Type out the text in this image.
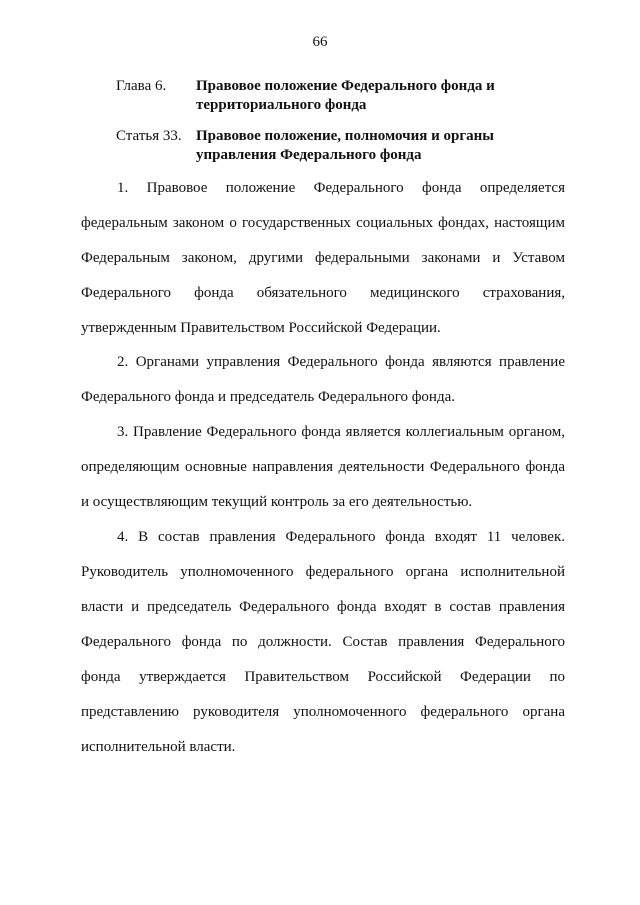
66
Глава 6. Правовое положение Федерального фонда и территориального фонда
Статья 33. Правовое положение, полномочия и органы управления Федерального фонда

1. Правовое положение Федерального фонда определяется федеральным законом о государственных социальных фондах, настоящим Федеральным законом, другими федеральными законами и Уставом Федерального фонда обязательного медицинского страхования, утвержденным Правительством Российской Федерации.

2. Органами управления Федерального фонда являются правление Федерального фонда и председатель Федерального фонда.

3. Правление Федерального фонда является коллегиальным органом, определяющим основные направления деятельности Федерального фонда и осуществляющим текущий контроль за его деятельностью.

4. В состав правления Федерального фонда входят 11 человек. Руководитель уполномоченного федерального органа исполнительной власти и председатель Федерального фонда входят в состав правления Федерального фонда по должности. Состав правления Федерального фонда утверждается Правительством Российской Федерации по представлению руководителя уполномоченного федерального органа исполнительной власти.
